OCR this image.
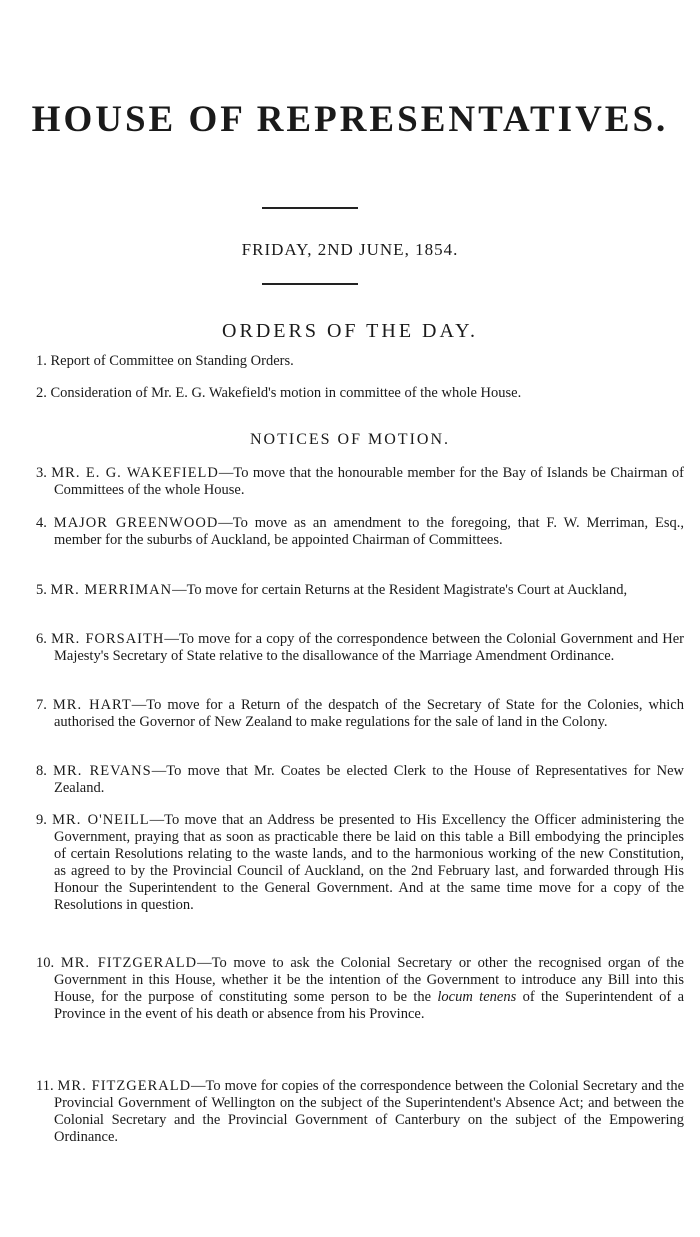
HOUSE OF REPRESENTATIVES.
FRIDAY, 2ND JUNE, 1854.
ORDERS OF THE DAY.
1. Report of Committee on Standing Orders.
2. Consideration of Mr. E. G. Wakefield's motion in committee of the whole House.
NOTICES OF MOTION.
3. MR. E. G. WAKEFIELD—To move that the honourable member for the Bay of Islands be Chairman of Committees of the whole House.
4. MAJOR GREENWOOD—To move as an amendment to the foregoing, that F. W. Merriman, Esq., member for the suburbs of Auckland, be appointed Chairman of Committees.
5. MR. MERRIMAN—To move for certain Returns at the Resident Magistrate's Court at Auckland,
6. MR. FORSAITH—To move for a copy of the correspondence between the Colonial Government and Her Majesty's Secretary of State relative to the disallowance of the Marriage Amendment Ordinance.
7. MR. HART—To move for a Return of the despatch of the Secretary of State for the Colonies, which authorised the Governor of New Zealand to make regulations for the sale of land in the Colony.
8. MR. REVANS—To move that Mr. Coates be elected Clerk to the House of Representatives for New Zealand.
9. MR. O'NEILL—To move that an Address be presented to His Excellency the Officer administering the Government, praying that as soon as practicable there be laid on this table a Bill embodying the principles of certain Resolutions relating to the waste lands, and to the harmonious working of the new Constitution, as agreed to by the Provincial Council of Auckland, on the 2nd February last, and forwarded through His Honour the Superintendent to the General Government. And at the same time move for a copy of the Resolutions in question.
10. MR. FITZGERALD—To move to ask the Colonial Secretary or other the recognised organ of the Government in this House, whether it be the intention of the Government to introduce any Bill into this House, for the purpose of constituting some person to be the locum tenens of the Superintendent of a Province in the event of his death or absence from his Province.
11. MR. FITZGERALD—To move for copies of the correspondence between the Colonial Secretary and the Provincial Government of Wellington on the subject of the Superintendent's Absence Act; and between the Colonial Secretary and the Provincial Government of Canterbury on the subject of the Empowering Ordinance.
